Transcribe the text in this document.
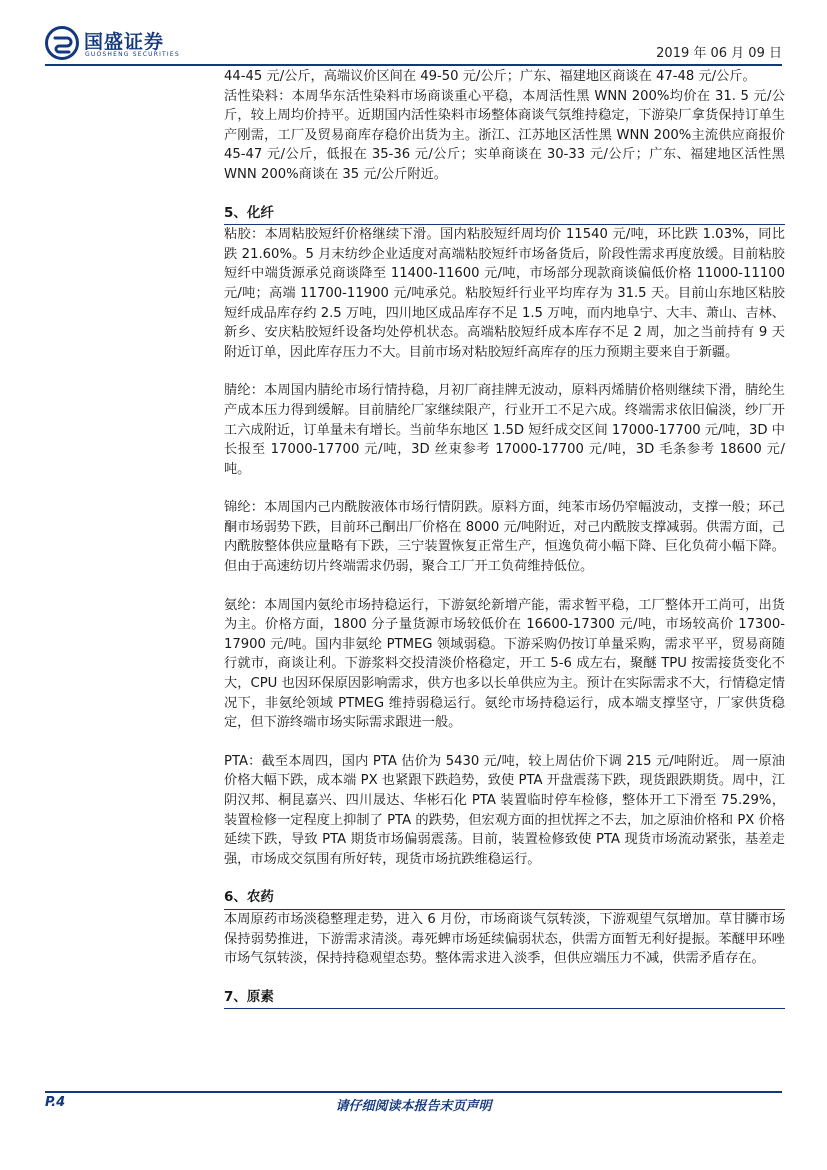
国盛证券
GUOSHENG SECURITIES	2019 年 06 月 09 日

44-45 元/公斤，高端议价区间在 49-50 元/公斤；广东、福建地区商谈在 47-48 元/公斤。

活性染料：本周华东活性染料市场商谈重心平稳，本周活性黑 WNN 200%均价在 31. 5 元/公斤，较上周均价持平。近期国内活性染料市场整体商谈气氛维持稳定，下游染厂拿货保持订单生产刚需，工厂及贸易商库存稳价出货为主。浙江、江苏地区活性黑 WNN 200%主流供应商报价 45-47 元/公斤，低报在 35-36 元/公斤；实单商谈在 30-33 元/公斤；广东、福建地区活性黑 WNN 200%商谈在 35 元/公斤附近。

5、化纤

粘胶：本周粘胶短纤价格继续下滑。国内粘胶短纤周均价 11540 元/吨，环比跌 1.03%，同比跌 21.60%。5 月末纺纱企业适度对高端粘胶短纤市场备货后，阶段性需求再度放缓。目前粘胶短纤中端货源承兑商谈降至 11400-11600 元/吨，市场部分现款商谈偏低价格 11000-11100 元/吨；高端 11700-11900 元/吨承兑。粘胶短纤行业平均库存为 31.5 天。目前山东地区粘胶短纤成品库存约 2.5 万吨，四川地区成品库存不足 1.5 万吨，而内地阜宁、大丰、萧山、吉林、新乡、安庆粘胶短纤设备均处停机状态。高端粘胶短纤成本库存不足 2 周，加之当前持有 9 天附近订单，因此库存压力不大。目前市场对粘胶短纤高库存的压力预期主要来自于新疆。

腈纶：本周国内腈纶市场行情持稳，月初厂商挂牌无波动，原料丙烯腈价格则继续下滑，腈纶生产成本压力得到缓解。目前腈纶厂家继续限产，行业开工不足六成。终端需求依旧偏淡，纱厂开工六成附近，订单量未有增长。当前华东地区 1.5D 短纤成交区间 17000-17700 元/吨，3D 中长报至 17000-17700 元/吨，3D 丝束参考 17000-17700 元/吨，3D 毛条参考 18600 元/吨。

锦纶：本周国内己内酰胺液体市场行情阴跌。原料方面，纯苯市场仍窄幅波动，支撑一般；环己酮市场弱势下跌，目前环己酮出厂价格在 8000 元/吨附近，对己内酰胺支撑减弱。供需方面，己内酰胺整体供应量略有下跌，三宁装置恢复正常生产，恒逸负荷小幅下降、巨化负荷小幅下降。但由于高速纺切片终端需求仍弱，聚合工厂开工负荷维持低位。

氨纶：本周国内氨纶市场持稳运行，下游氨纶新增产能，需求暂平稳，工厂整体开工尚可，出货为主。价格方面，1800 分子量货源市场较低价在 16600-17300 元/吨，市场较高价 17300-17900 元/吨。国内非氨纶 PTMEG 领域弱稳。下游采购仍按订单量采购，需求平平，贸易商随行就市，商谈让利。下游浆料交投清淡价格稳定，开工 5-6 成左右，聚醚 TPU 按需接货变化不大，CPU 也因环保原因影响需求，供方也多以长单供应为主。预计在实际需求不大，行情稳定情况下，非氨纶领域 PTMEG 维持弱稳运行。氨纶市场持稳运行，成本端支撑坚守，厂家供货稳定，但下游终端市场实际需求跟进一般。

PTA：截至本周四，国内 PTA 估价为 5430 元/吨，较上周估价下调 215 元/吨附近。 周一原油价格大幅下跌，成本端 PX 也紧跟下跌趋势，致使 PTA 开盘震荡下跌，现货跟跌期货。周中，江阴汉邦、桐昆嘉兴、四川晟达、华彬石化 PTA 装置临时停车检修，整体开工下滑至 75.29%，装置检修一定程度上抑制了 PTA 的跌势，但宏观方面的担忧挥之不去，加之原油价格和 PX 价格延续下跌，导致 PTA 期货市场偏弱震荡。目前，装置检修致使 PTA 现货市场流动紧张，基差走强，市场成交氛围有所好转，现货市场抗跌维稳运行。

6、农药

本周原药市场淡稳整理走势，进入 6 月份，市场商谈气氛转淡，下游观望气氛增加。草甘膦市场保持弱势推进，下游需求清淡。毒死蜱市场延续偏弱状态，供需方面暂无利好提振。苯醚甲环唑市场气氛转淡，保持持稳观望态势。整体需求进入淡季，但供应端压力不减，供需矛盾存在。

7、原素

P.4	请仔细阅读本报告末页声明
